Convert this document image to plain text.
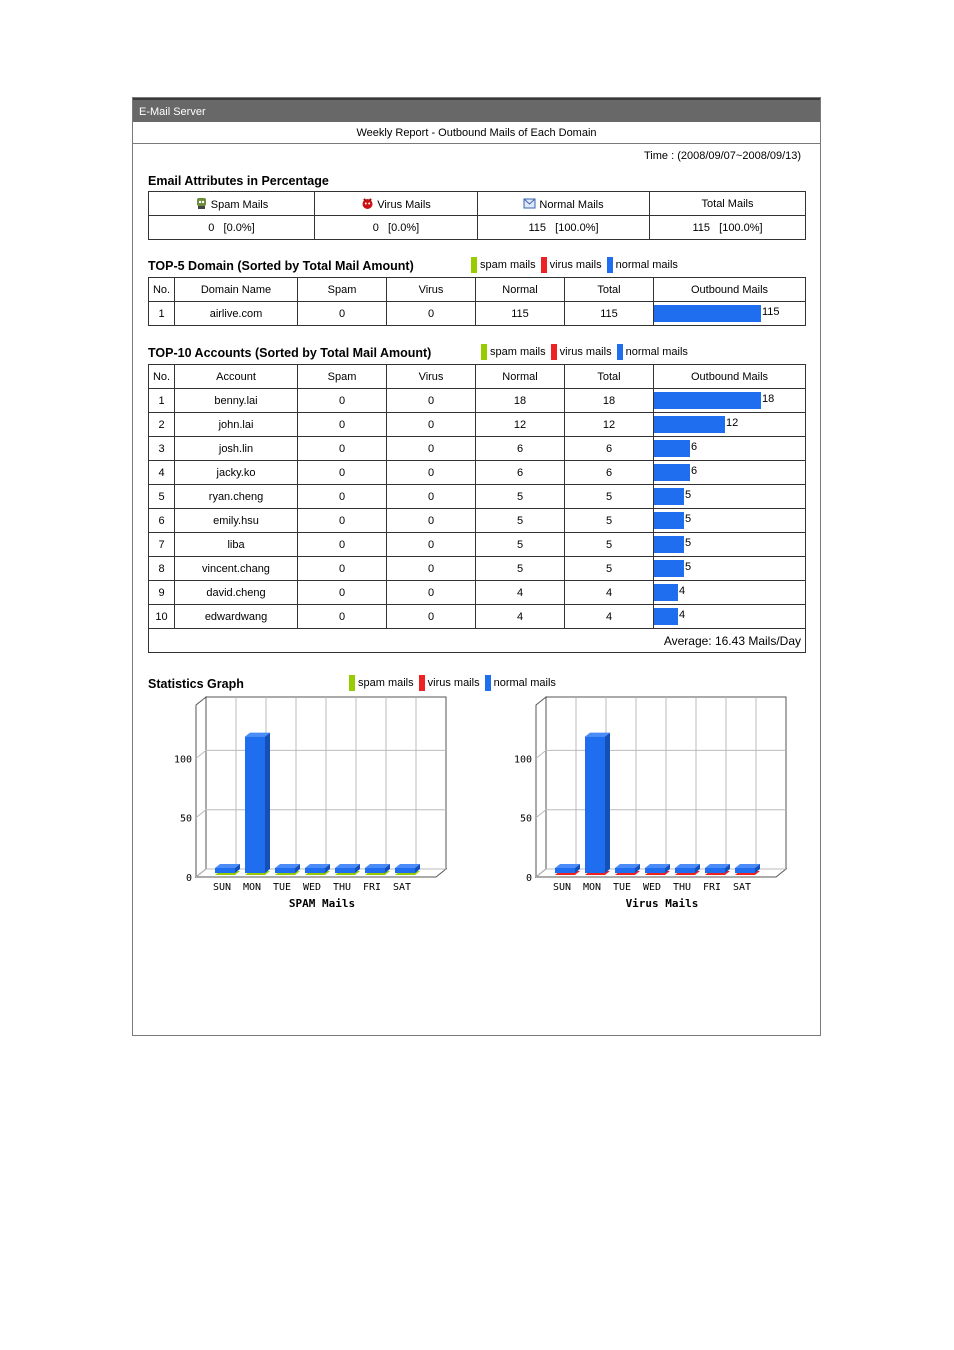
E-Mail Server
Weekly Report - Outbound Mails of Each Domain
Time : (2008/09/07~2008/09/13)
Email Attributes in Percentage
Spam Mails	Virus Mails	Normal Mails	Total Mails
0   [0.0%]	0   [0.0%]	115   [100.0%]	115   [100.0%]
TOP-5 Domain (Sorted by Total Mail Amount)	spam mails virus mails normal mails
No.	Domain Name	Spam	Virus	Normal	Total	Outbound Mails
1	airlive.com	0	0	115	115	115
TOP-10 Accounts (Sorted by Total Mail Amount)	spam mails virus mails normal mails
No.	Account	Spam	Virus	Normal	Total	Outbound Mails
1	benny.lai	0	0	18	18	18

2	john.lai	0	0	12	12	12

3	josh.lin	0	0	6	6	6

4	jacky.ko	0	0	6	6	6

5	ryan.cheng	0	0	5	5	5

6	emily.hsu	0	0	5	5	5

7	liba	0	0	5	5	5

8	vincent.chang	0	0	5	5	5

9	david.cheng	0	0	4	4	4

10	edwardwang	0	0	4	4	4

Average: 16.43 Mails/Day						
Statistics Graph	spam mails virus mails normal mails
0
50
100
SUN MON TUE WED THU FRI SAT
SPAM Mails
0
50
100
SUN MON TUE WED THU FRI SAT
Virus Mails
